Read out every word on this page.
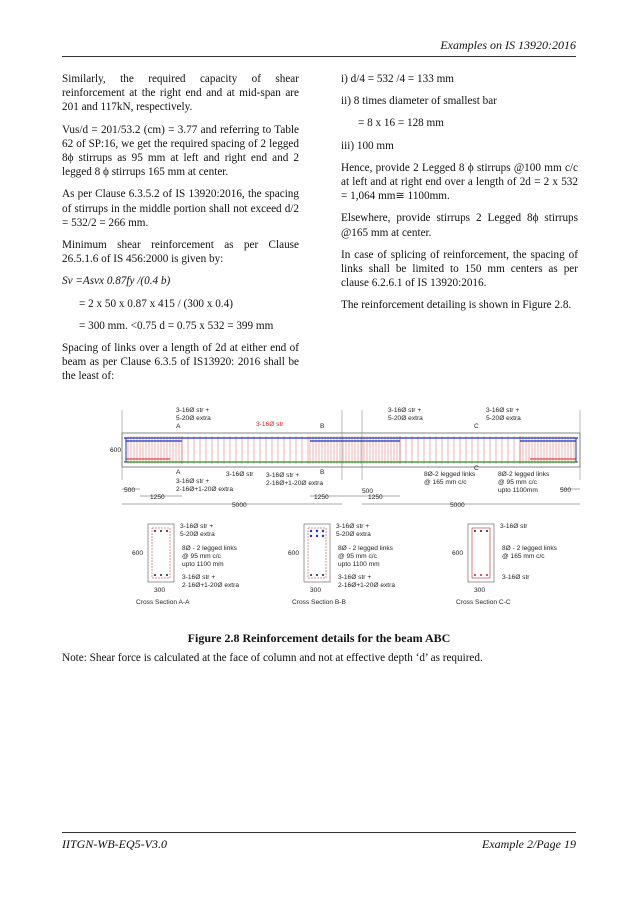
Examples on IS 13920:2016

Similarly, the required capacity of shear reinforcement at the right end and at mid-span are 201 and 117kN, respectively.

Vus/d = 201/53.2 (cm) = 3.77 and referring to Table 62 of SP:16, we get the required spacing of 2 legged 8ϕ stirrups as 95 mm at left and right end and 2 legged 8 ϕ stirrups 165 mm at center.

As per Clause 6.3.5.2 of IS 13920:2016, the spacing of stirrups in the middle portion shall not exceed d/2 = 532/2 = 266 mm.

Minimum shear reinforcement as per Clause 26.5.1.6 of IS 456:2000 is given by:

Sv =Asvx 0.87fy /(0.4 b)

= 2 x 50 x 0.87 x 415 / (300 x 0.4)

= 300 mm. <0.75 d = 0.75 x 532 = 399 mm

Spacing of links over a length of 2d at either end of beam as per Clause 6.3.5 of IS13920: 2016 shall be the least of:

i) d/4 = 532 /4 = 133 mm

ii) 8 times diameter of smallest bar

= 8 x 16 = 128 mm

iii) 100 mm

Hence, provide 2 Legged 8 ϕ stirrups @100 mm c/c at left and at right end over a length of 2d = 2 x 532 = 1,064 mm≅ 1100mm.

Elsewhere, provide stirrups 2 Legged 8ϕ stirrups @165 mm at center.

In case of splicing of reinforcement, the spacing of links shall be limited to 150 mm centers as per clause 6.2.6.1 of IS 13920:2016.

The reinforcement detailing is shown in Figure 2.8.

3-16Ø str +
5-20Ø extra
A	3-16Ø str	B
3-16Ø str +
5-20Ø extra
C
3-16Ø str +
5-20Ø extra
600
A
3-16Ø str +
2-16Ø+1-20Ø extra
3-16Ø str	B
3-16Ø str +
2-16Ø+1-20Ø extra
500
C
8Ø-2 legged links
@ 165 mm c/c
8Ø-2 legged links
@ 95 mm c/c
upto 1100mm
500
1250	1250	1250
5000	5000
500
3-16Ø str +
5-20Ø extra
8Ø - 2 legged links
@ 95 mm c/c
upto 1100 mm
3-16Ø str +
2-16Ø+1-20Ø extra
600
300
Cross Section A-A
3-16Ø str +
5-20Ø extra
8Ø - 2 legged links
@ 95 mm c/c
upto 1100 mm
3-16Ø str +
2-16Ø+1-20Ø extra
600
300
Cross Section B-B
3-16Ø str
8Ø - 2 legged links
@ 165 mm c/c
3-16Ø str
600
300
Cross Section C-C
Figure 2.8 Reinforcement details for the beam ABC
Note: Shear force is calculated at the face of column and not at effective depth ‘d’ as required.
IITGN-WB-EQ5-V3.0	Example 2/Page 19
